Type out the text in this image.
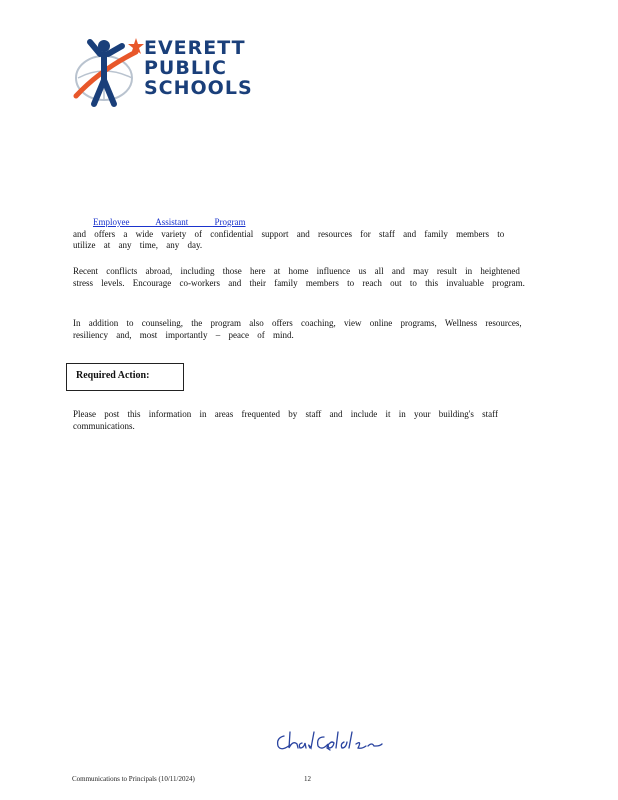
EVERETT
PUBLIC
SCHOOLS
Employee Assistant Program
and offers a wide variety of confidential support and resources for staff and family members to utilize at any time, any day.
Recent conflicts abroad, including those here at home influence us all and may result in heightened stress levels. Encourage co-workers and their family members to reach out to this invaluable program.
In addition to counseling, the program also offers coaching, view online programs, Wellness resources, resiliency and, most importantly – peace of mind.
Required Action:
Please post this information in areas frequented by staff and include it in your building's staff communications.
Communications to Principals (10/11/2024)	12
